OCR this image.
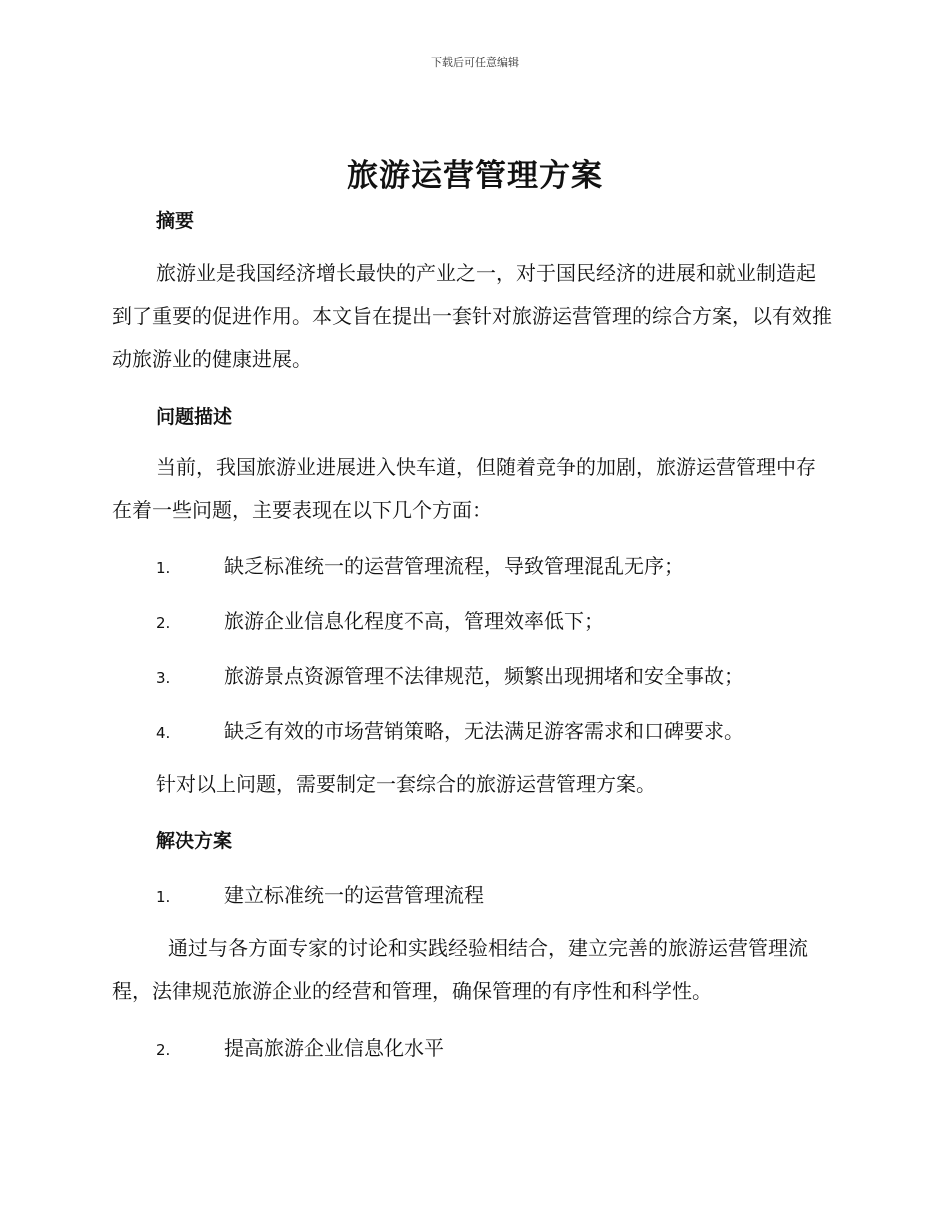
下载后可任意编辑
旅游运营管理方案
摘要
旅游业是我国经济增长最快的产业之一，对于国民经济的进展和就业制造起到了重要的促进作用。本文旨在提出一套针对旅游运营管理的综合方案，以有效推动旅游业的健康进展。
问题描述
当前，我国旅游业进展进入快车道，但随着竞争的加剧，旅游运营管理中存在着一些问题，主要表现在以下几个方面：
1.	缺乏标准统一的运营管理流程，导致管理混乱无序；
2.	旅游企业信息化程度不高，管理效率低下；
3.	旅游景点资源管理不法律规范，频繁出现拥堵和安全事故；
4.	缺乏有效的市场营销策略，无法满足游客需求和口碑要求。
针对以上问题，需要制定一套综合的旅游运营管理方案。
解决方案
1.	建立标准统一的运营管理流程
通过与各方面专家的讨论和实践经验相结合，建立完善的旅游运营管理流程，法律规范旅游企业的经营和管理，确保管理的有序性和科学性。
2.	提高旅游企业信息化水平
